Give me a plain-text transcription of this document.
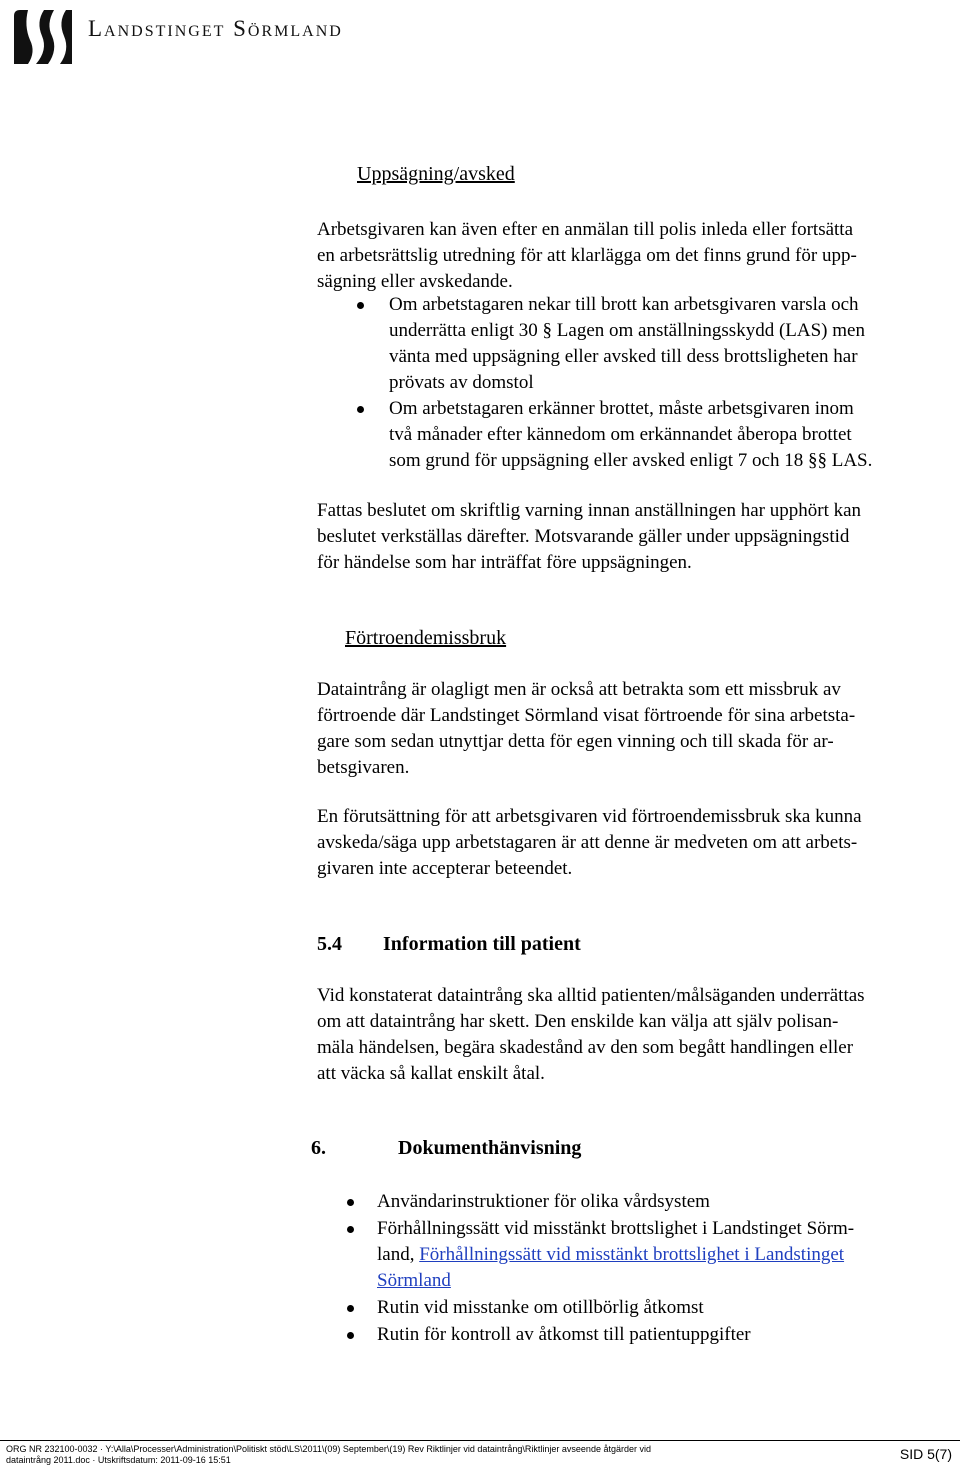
Landstinget Sörmland
Uppsägning/avsked
Arbetsgivaren kan även efter en anmälan till polis inleda eller fortsätta
en arbetsrättslig utredning för att klarlägga om det finns grund för upp-
sägning eller avskedande.
Om arbetstagaren nekar till brott kan arbetsgivaren varsla och
underrätta enligt 30 § Lagen om anställningsskydd (LAS) men
vänta med uppsägning eller avsked till dess brottsligheten har
prövats av domstol
Om arbetstagaren erkänner brottet, måste arbetsgivaren inom
två månader efter kännedom om erkännandet åberopa brottet
som grund för uppsägning eller avsked enligt 7 och 18 §§ LAS.
Fattas beslutet om skriftlig varning innan anställningen har upphört kan
beslutet verkställas därefter. Motsvarande gäller under uppsägningstid
för händelse som har inträffat före uppsägningen.
Förtroendemissbruk
Dataintrång är olagligt men är också att betrakta som ett missbruk av
förtroende där Landstinget Sörmland visat förtroende för sina arbetsta-
gare som sedan utnyttjar detta för egen vinning och till skada för ar-
betsgivaren.
En förutsättning för att arbetsgivaren vid förtroendemissbruk ska kunna
avskeda/säga upp arbetstagaren är att denne är medveten om att arbets-
givaren inte accepterar beteendet.
5.4 Information till patient
Vid konstaterat dataintrång ska alltid patienten/målsäganden underrättas
om att dataintrång har skett. Den enskilde kan välja att själv polisan-
mäla händelsen, begära skadestånd av den som begått handlingen eller
att väcka så kallat enskilt åtal.
6.	Dokumenthänvisning
Användarinstruktioner för olika vårdsystem
Förhållningssätt vid misstänkt brottslighet i Landstinget Sörm-
land, Förhållningssätt vid misstänkt brottslighet i Landstinget
Sörmland
Rutin vid misstanke om otillbörlig åtkomst
Rutin för kontroll av åtkomst till patientuppgifter
ORG NR 232100-0032 · Y:\Alla\Processer\Administration\Politiskt stöd\LS\2011\(09) September\(19) Rev Riktlinjer vid dataintrång\Riktlinjer avseende åtgärder vid
dataintrång 2011.doc · Utskriftsdatum: 2011-09-16 15:51	SID 5(7)
